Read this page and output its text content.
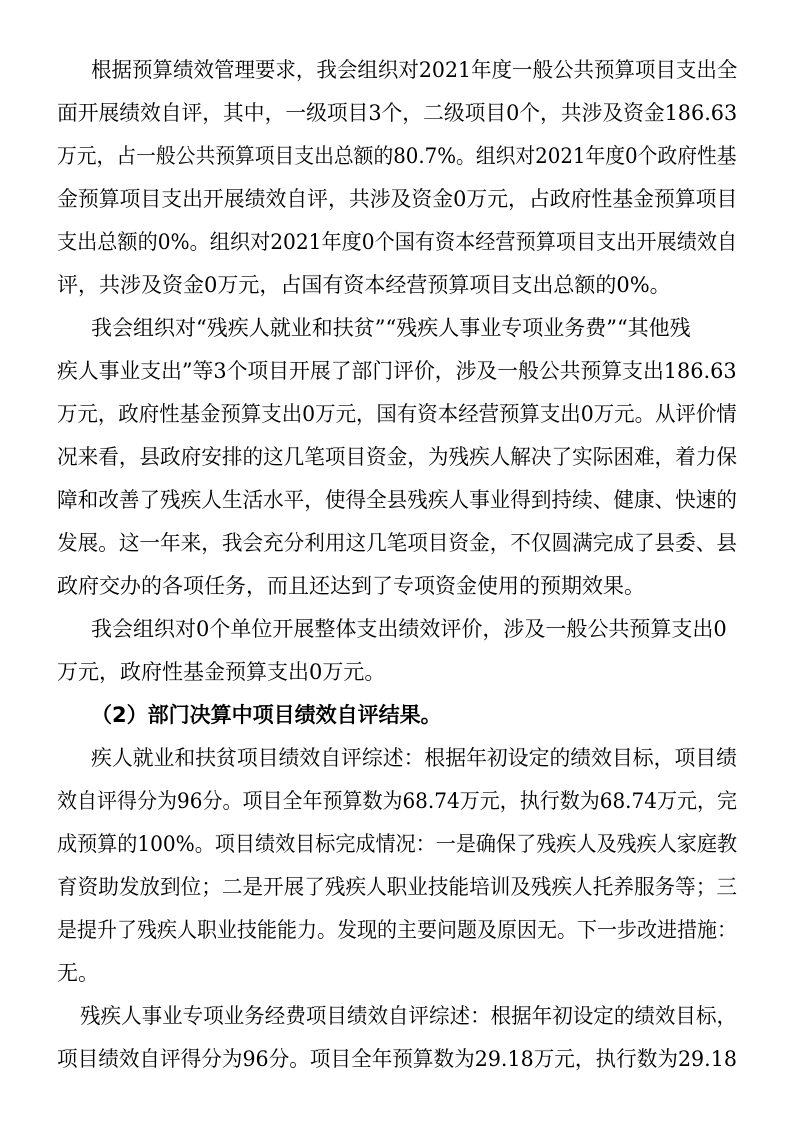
根据预算绩效管理要求，我会组织对2021年度一般公共预算项目支出全
面开展绩效自评，其中，一级项目3个，二级项目0个，共涉及资金186.63
万元，占一般公共预算项目支出总额的80.7%。组织对2021年度0个政府性基
金预算项目支出开展绩效自评，共涉及资金0万元，占政府性基金预算项目
支出总额的0%。组织对2021年度0个国有资本经营预算项目支出开展绩效自
评，共涉及资金0万元，占国有资本经营预算项目支出总额的0%。
我会组织对“残疾人就业和扶贫”“残疾人事业专项业务费”“其他残
疾人事业支出”等3个项目开展了部门评价，涉及一般公共预算支出186.63
万元，政府性基金预算支出0万元，国有资本经营预算支出0万元。从评价情
况来看，县政府安排的这几笔项目资金，为残疾人解决了实际困难，着力保
障和改善了残疾人生活水平，使得全县残疾人事业得到持续、健康、快速的
发展。这一年来，我会充分利用这几笔项目资金，不仅圆满完成了县委、县
政府交办的各项任务，而且还达到了专项资金使用的预期效果。
我会组织对0个单位开展整体支出绩效评价，涉及一般公共预算支出0
万元，政府性基金预算支出0万元。
（2）部门决算中项目绩效自评结果。
疾人就业和扶贫项目绩效自评综述：根据年初设定的绩效目标，项目绩
效自评得分为96分。项目全年预算数为68.74万元，执行数为68.74万元，完
成预算的100%。项目绩效目标完成情况：一是确保了残疾人及残疾人家庭教
育资助发放到位；二是开展了残疾人职业技能培训及残疾人托养服务等；三
是提升了残疾人职业技能能力。发现的主要问题及原因无。下一步改进措施：
无。
残疾人事业专项业务经费项目绩效自评综述：根据年初设定的绩效目标，
项目绩效自评得分为96分。项目全年预算数为29.18万元，执行数为29.18
